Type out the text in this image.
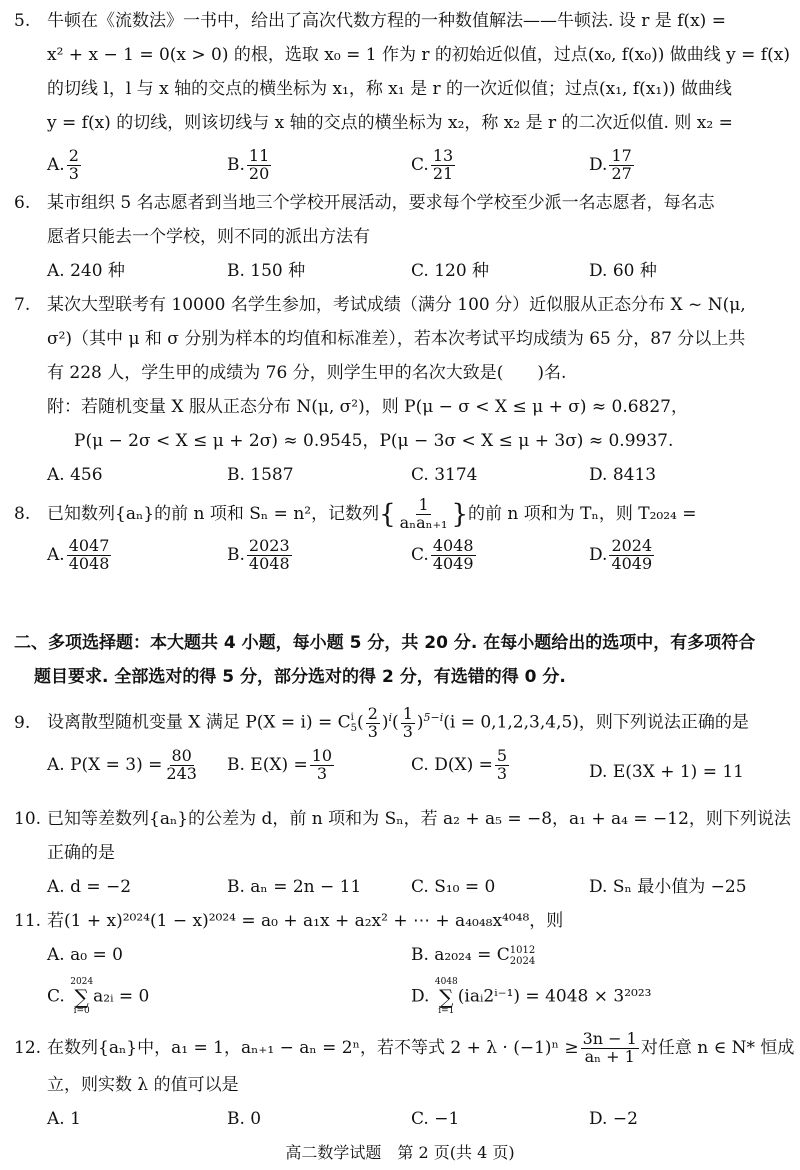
5. 牛顿在《流数法》一书中，给出了高次代数方程的一种数值解法——牛顿法. 设 r 是 f(x) =
x² + x − 1 = 0(x > 0) 的根，选取 x₀ = 1 作为 r 的初始近似值，过点(x₀, f(x₀)) 做曲线 y = f(x)
的切线 l，l 与 x 轴的交点的横坐标为 x₁，称 x₁ 是 r 的一次近似值；过点(x₁, f(x₁)) 做曲线
y = f(x) 的切线，则该切线与 x 轴的交点的横坐标为 x₂，称 x₂ 是 r 的二次近似值. 则 x₂ =
A. $\frac{2}{3}$	B. $\frac{11}{20}$	C. $\frac{13}{21}$	D. $\frac{17}{27}$
6. 某市组织 5 名志愿者到当地三个学校开展活动，要求每个学校至少派一名志愿者，每名志
愿者只能去一个学校，则不同的派出方法有
A. 240 种	B. 150 种	C. 120 种	D. 60 种
7. 某次大型联考有 10000 名学生参加，考试成绩（满分 100 分）近似服从正态分布 X ~ N(μ,
σ²)（其中 μ 和 σ 分别为样本的均值和标准差），若本次考试平均成绩为 65 分，87 分以上共
有 228 人，学生甲的成绩为 76 分，则学生甲的名次大致是(　　)名.
附：若随机变量 X 服从正态分布 N(μ, σ²)，则 P(μ − σ < X ≤ μ + σ) ≈ 0.6827，
P(μ − 2σ < X ≤ μ + 2σ) ≈ 0.9545，P(μ − 3σ < X ≤ μ + 3σ) ≈ 0.9937.
A. 456	B. 1587	C. 3174	D. 8413
8. 已知数列{aₙ}的前 n 项和 Sₙ = n²，记数列{ $\frac{1}{\text{aₙaₙ₊₁}}$ }的前 n 项和为 Tₙ，则 T₂₀₂₄ =
A. $\frac{4047}{4048}$	B. $\frac{2023}{4048}$	C. $\frac{4048}{4049}$	D. $\frac{2024}{4049}$
二、多项选择题：本大题共 4 小题，每小题 5 分，共 20 分. 在每小题给出的选项中，有多项符合
题目要求. 全部选对的得 5 分，部分选对的得 2 分，有选错的得 0 分.
9. 设离散型随机变量 X 满足 P(X = i) = C i
5 ( $\frac{2}{3} )^i( \frac{1}{3} )^{5-i}(i = 0,1,2,3,4,5)$，则下列说法正确的是
A. $P(X = 3) = \frac{80}{243} B$. $E(X) = \frac{10}{3}$	C. $D(X) = \frac{5}{3}$	D. E(3X + 1) = 11
10. 已知等差数列{aₙ}的公差为 d，前 n 项和为 Sₙ，若 a₂ + a₅ = −8，a₁ + a₄ = −12，则下列说法
正确的是
A. d = −2	B. aₙ = 2n − 11	C. S₁₀ = 0	D. Sₙ 最小值为 −25
11. 若(1 + x)²⁰²⁴(1 − x)²⁰²⁴ = a₀ + a₁x + a₂x² + ⋯ + a₄₀₄₈x⁴⁰⁴⁸，则
A. a₀ = 0	B. a₂₀₂₄ = C 1012
2024
C.
2024
∑
i=0
a₂ᵢ = 0	D.
4048
∑
i=1
(iaᵢ2ⁱ⁻¹) = 4048 × 3²⁰²³
12. 在数列{aₙ}中，a₁ = 1，aₙ₊₁ − aₙ = 2ⁿ，若不等式 $2 + \lambda \cdot (-1)^n \ge \frac{3n - 1}{\text{aₙ + 1}}$ 对任意 n ∈ N* 恒成
立，则实数 λ 的值可以是
A. 1	B. 0	C. −1	D. −2
高二数学试题　第 2 页(共 4 页)
